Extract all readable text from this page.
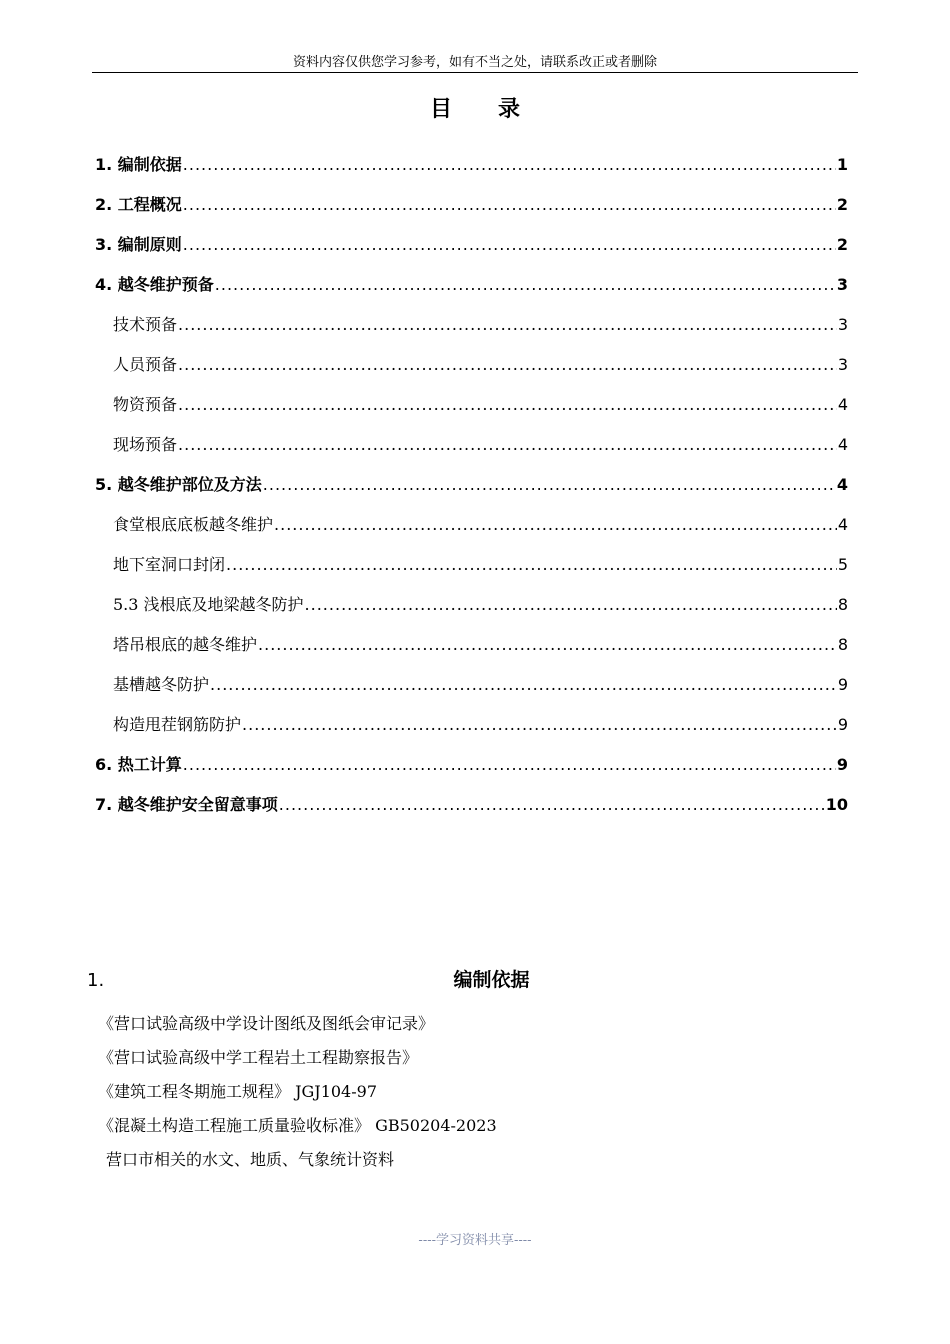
资料内容仅供您学习参考，如有不当之处，请联系改正或者删除
目录
1. 编制依据 .....	1
2. 工程概况 .....	2
3. 编制原则 .....	2
4. 越冬维护预备 .....	3
技术预备 .....	3
人员预备 .....	3
物资预备 .....	4
现场预备 .....	4
5. 越冬维护部位及方法 .....	4
食堂根底底板越冬维护 .....	4
地下室洞口封闭 .....	5
5.3 浅根底及地梁越冬防护 .....	8
塔吊根底的越冬维护 .....	8
基槽越冬防护 .....	9
构造甩茬钢筋防护 .....	9
6. 热工计算 .....	9
7. 越冬维护安全留意事项 .....	10
1.	编制依据
《营口试验高级中学设计图纸及图纸会审记录》
《营口试验高级中学工程岩土工程勘察报告》
《建筑工程冬期施工规程》 JGJ104-97
《混凝土构造工程施工质量验收标准》 GB50204-2023
营口市相关的水文、地质、气象统计资料
----学习资料共享----
